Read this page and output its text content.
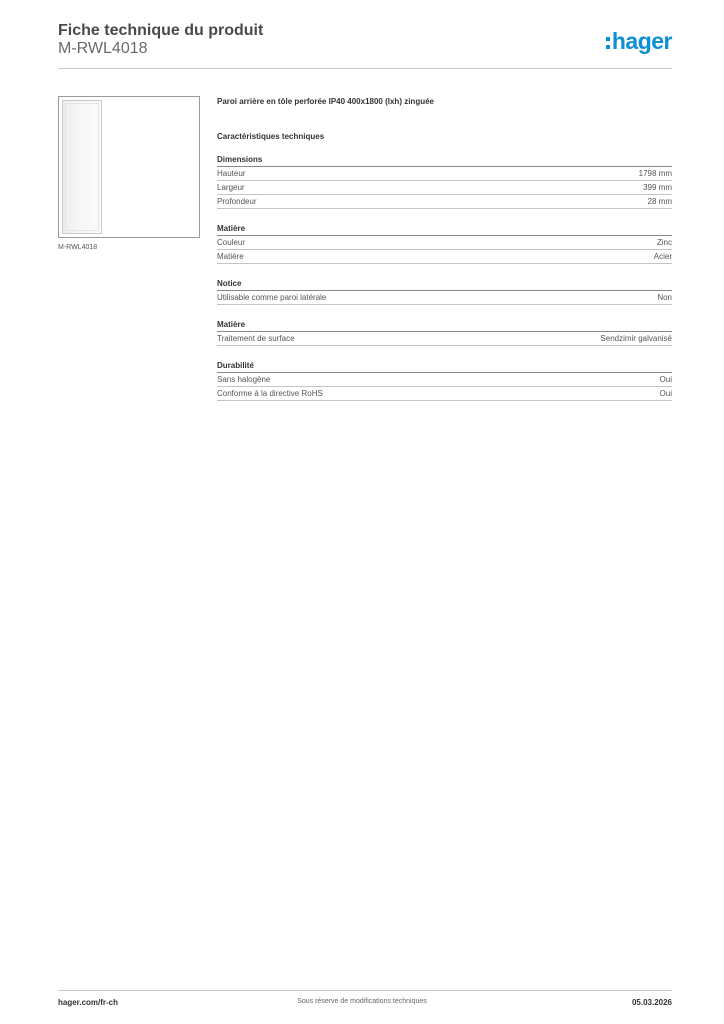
Fiche technique du produit
M-RWL4018	hager
M-RWL4018
Paroi arrière en tôle perforée IP40 400x1800 (lxh) zinguée
Caractéristiques techniques
Dimensions
Hauteur	1798 mm
Largeur	399 mm
Profondeur	28 mm
Matière
Couleur	Zinc
Matière	Acier
Notice
Utilisable comme paroi latérale	Non
Matière
Traitement de surface	Sendzimir galvanisé
Durabilité
Sans halogène	Oui
Conforme à la directive RoHS	Oui
hager.com/fr-ch	Sous réserve de modifications techniques	05.03.2026
